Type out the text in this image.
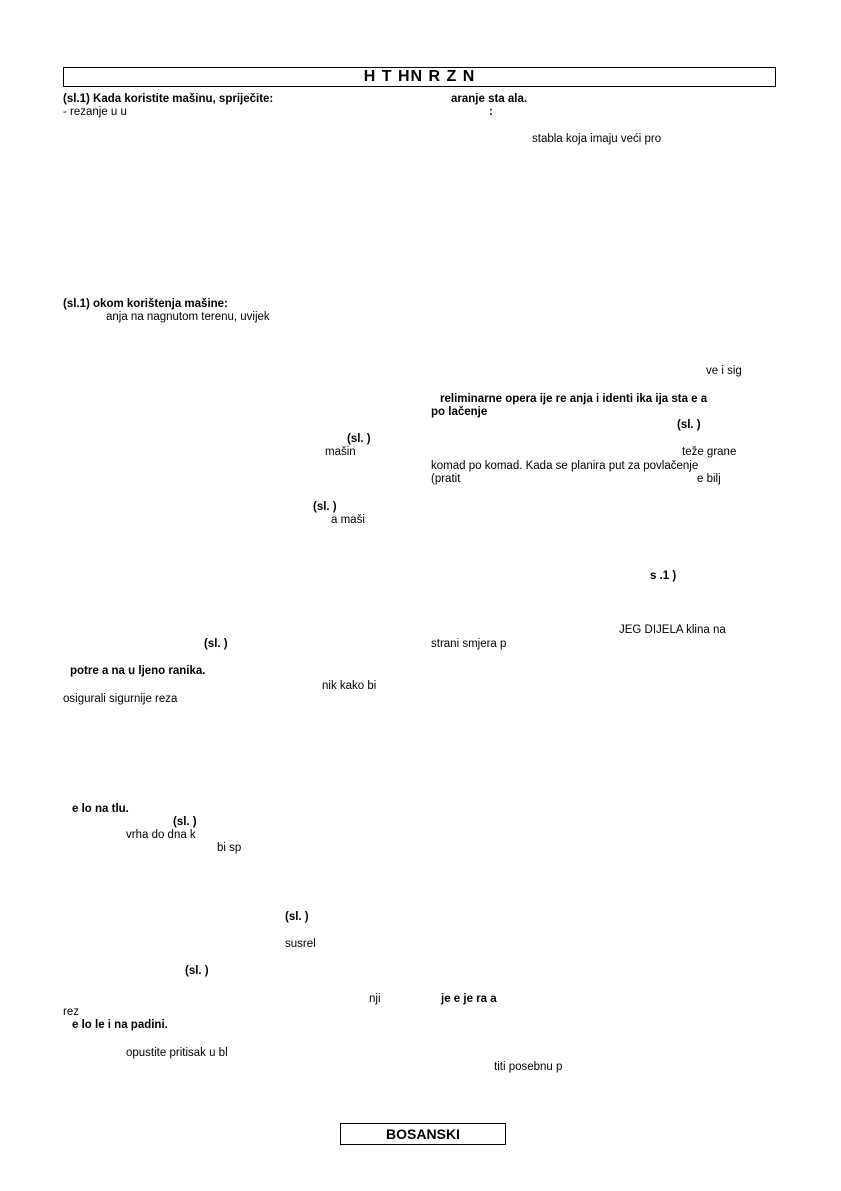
H T HN R Z N
(sl.1) Kada koristite mašinu, spriječite:
- rezanje u u
(sl.1) okom korištenja mašine:
anja na nagnutom terenu, uvijek
(sl. )
mašin
(sl. )
a maši
(sl. )
potre a na u ljeno ranika.
nik kako bi
osigurali sigurnije reza
e lo na tlu.
(sl. )
vrha do dna k
bi sp
(sl. )
susrel
(sl. )
nji
rez
e lo le i na padini.
opustite pritisak u bl
aranje sta ala.
:
stabla koja imaju veći pro
ve i sig
reliminarne opera ije re anja i identi ika ija sta e a
po lačenje
(sl. )
teže grane
komad po komad. Kada se planira put za povlačenje
(pratit	e bilj
s .1 )
JEG DIJELA klina na
strani smjera p
je e je ra a
titi posebnu p
BOSANSKI
